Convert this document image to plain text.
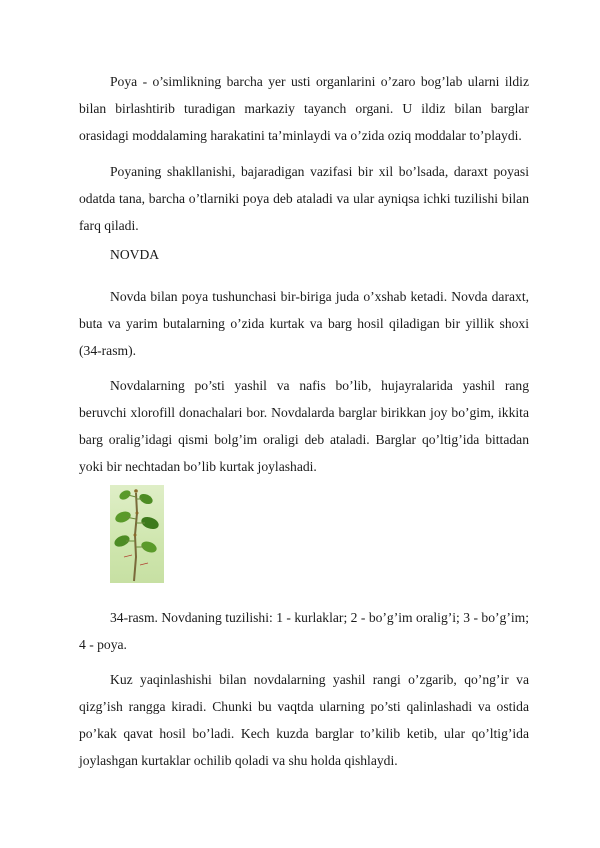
Poya - o’simlikning barcha yer usti organlarini o’zaro bog’lab ularni ildiz bilan birlashtirib turadigan markaziy tayanch organi. U ildiz bilan barglar orasidagi moddalaming harakatini ta’minlaydi va o’zida oziq moddalar to’playdi.

Poyaning shakllanishi, bajaradigan vazifasi bir xil bo’lsada, daraxt poyasi odatda tana, barcha o’tlarniki poya deb ataladi va ular ayniqsa ichki tuzilishi bilan farq qiladi.

NOVDA

Novda bilan poya tushunchasi bir-biriga juda o’xshab ketadi. Novda daraxt, buta va yarim butalarning o’zida kurtak va barg hosil qiladigan bir yillik shoxi (34-rasm).

Novdalarning po’sti yashil va nafis bo’lib, hujayralarida yashil rang beruvchi xlorofill donachalari bor. Novdalarda barglar birikkan joy bo’gim, ikkita barg oralig’idagi qismi bolg’im oraligi deb ataladi. Barglar qo’ltig’ida bittadan yoki bir nechtadan bo’lib kurtak joylashadi.

34-rasm. Novdaning tuzilishi: 1 - kurlaklar; 2 - bo’g’im oralig’i; 3 - bo’g’im; 4 - poya.

Kuz yaqinlashishi bilan novdalarning yashil rangi o’zgarib, qo’ng’ir va qizg’ish rangga kiradi. Chunki bu vaqtda ularning po’sti qalinlashadi va ostida po’kak qavat hosil bo’ladi. Kech kuzda barglar to’kilib ketib, ular qo’ltig’ida joylashgan kurtaklar ochilib qoladi va shu holda qishlaydi.
